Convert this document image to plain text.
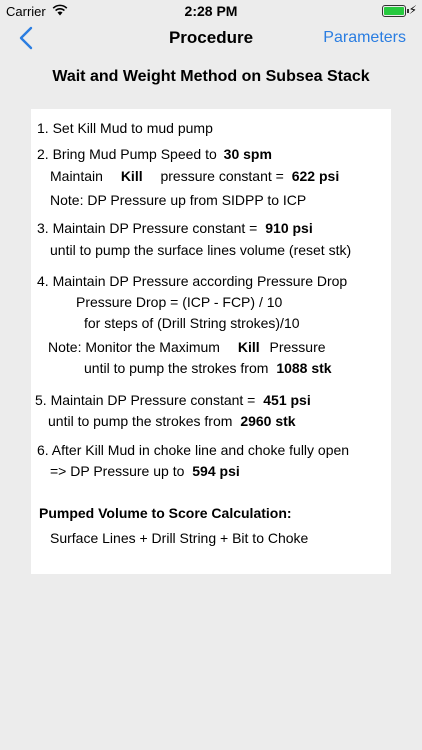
Carrier	2:28 PM	⚡
Procedure	Parameters
Wait and Weight Method on Subsea Stack
1. Set Kill Mud to mud pump
2. Bring Mud Pump Speed to 30 spm
Maintain Kill pressure constant = 622 psi
Note: DP Pressure up from SIDPP to ICP
3. Maintain DP Pressure constant = 910 psi
until to pump the surface lines volume (reset stk)
4. Maintain DP Pressure according Pressure Drop
Pressure Drop = (ICP - FCP) / 10
for steps of (Drill String strokes)/10
Note: Monitor the Maximum Kill Pressure
until to pump the strokes from 1088 stk
5. Maintain DP Pressure constant = 451 psi
until to pump the strokes from 2960 stk
6. After Kill Mud in choke line and choke fully open
=> DP Pressure up to 594 psi
Pumped Volume to Score Calculation:
Surface Lines + Drill String + Bit to Choke
